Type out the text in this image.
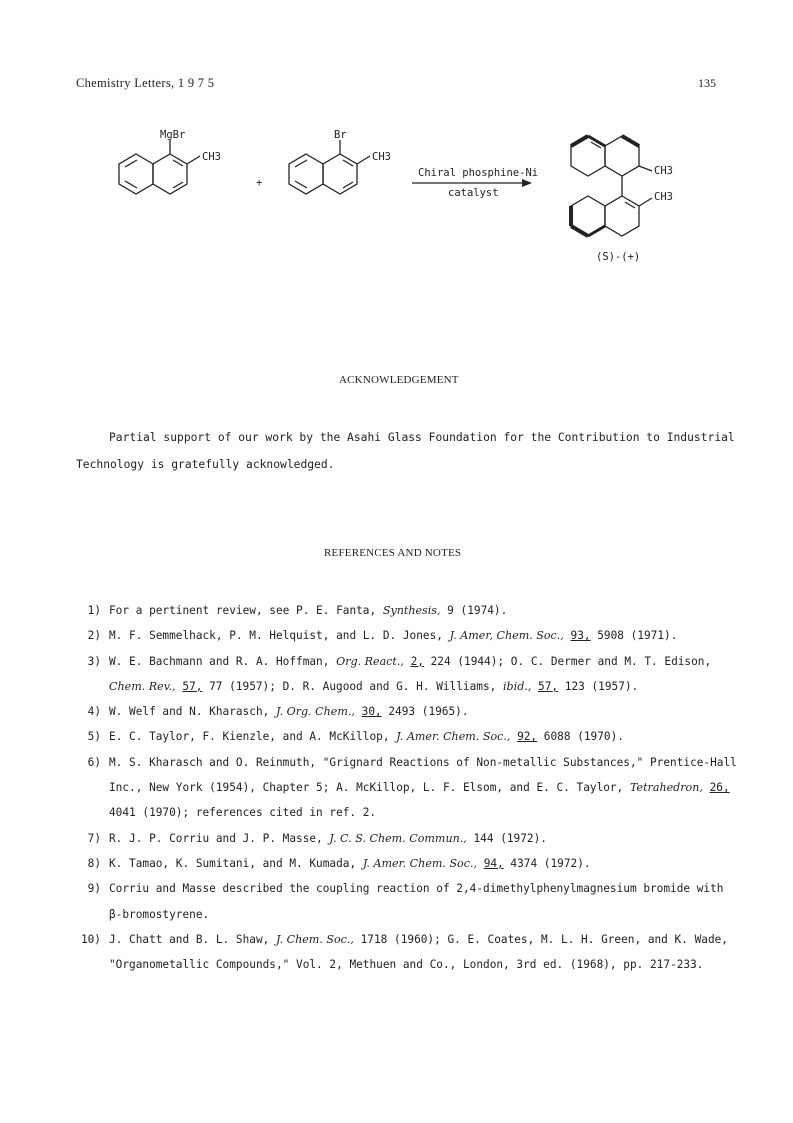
Chemistry Letters, 1 9 7 5	135
MgBr
CH3
+
Br
CH3
Chiral phosphine-Ni
catalyst
CH3
CH3
(S)-(+)
ACKNOWLEDGEMENT
Partial support of our work by the Asahi Glass Foundation for the Contribution to Industrial
Technology is gratefully acknowledged.
REFERENCES AND NOTES
1) For a pertinent review, see P. E. Fanta, Synthesis, 9 (1974).
2) M. F. Semmelhack, P. M. Helquist, and L. D. Jones, J. Amer, Chem. Soc., 93, 5908 (1971).
3) W. E. Bachmann and R. A. Hoffman, Org. React., 2, 224 (1944); O. C. Dermer and M. T. Edison,
Chem. Rev., 57, 77 (1957); D. R. Augood and G. H. Williams, ibid., 57, 123 (1957).
4) W. Welf and N. Kharasch, J. Org. Chem., 30, 2493 (1965).
5) E. C. Taylor, F. Kienzle, and A. McKillop, J. Amer. Chem. Soc., 92, 6088 (1970).
6) M. S. Kharasch and O. Reinmuth, "Grignard Reactions of Non-metallic Substances," Prentice-Hall
Inc., New York (1954), Chapter 5; A. McKillop, L. F. Elsom, and E. C. Taylor, Tetrahedron, 26,
4041 (1970); references cited in ref. 2.
7) R. J. P. Corriu and J. P. Masse, J. C. S. Chem. Commun., 144 (1972).
8) K. Tamao, K. Sumitani, and M. Kumada, J. Amer. Chem. Soc., 94, 4374 (1972).
9) Corriu and Masse described the coupling reaction of 2,4-dimethylphenylmagnesium bromide with
β-bromostyrene.
10) J. Chatt and B. L. Shaw, J. Chem. Soc., 1718 (1960); G. E. Coates, M. L. H. Green, and K. Wade,
"Organometallic Compounds," Vol. 2, Methuen and Co., London, 3rd ed. (1968), pp. 217-233.
